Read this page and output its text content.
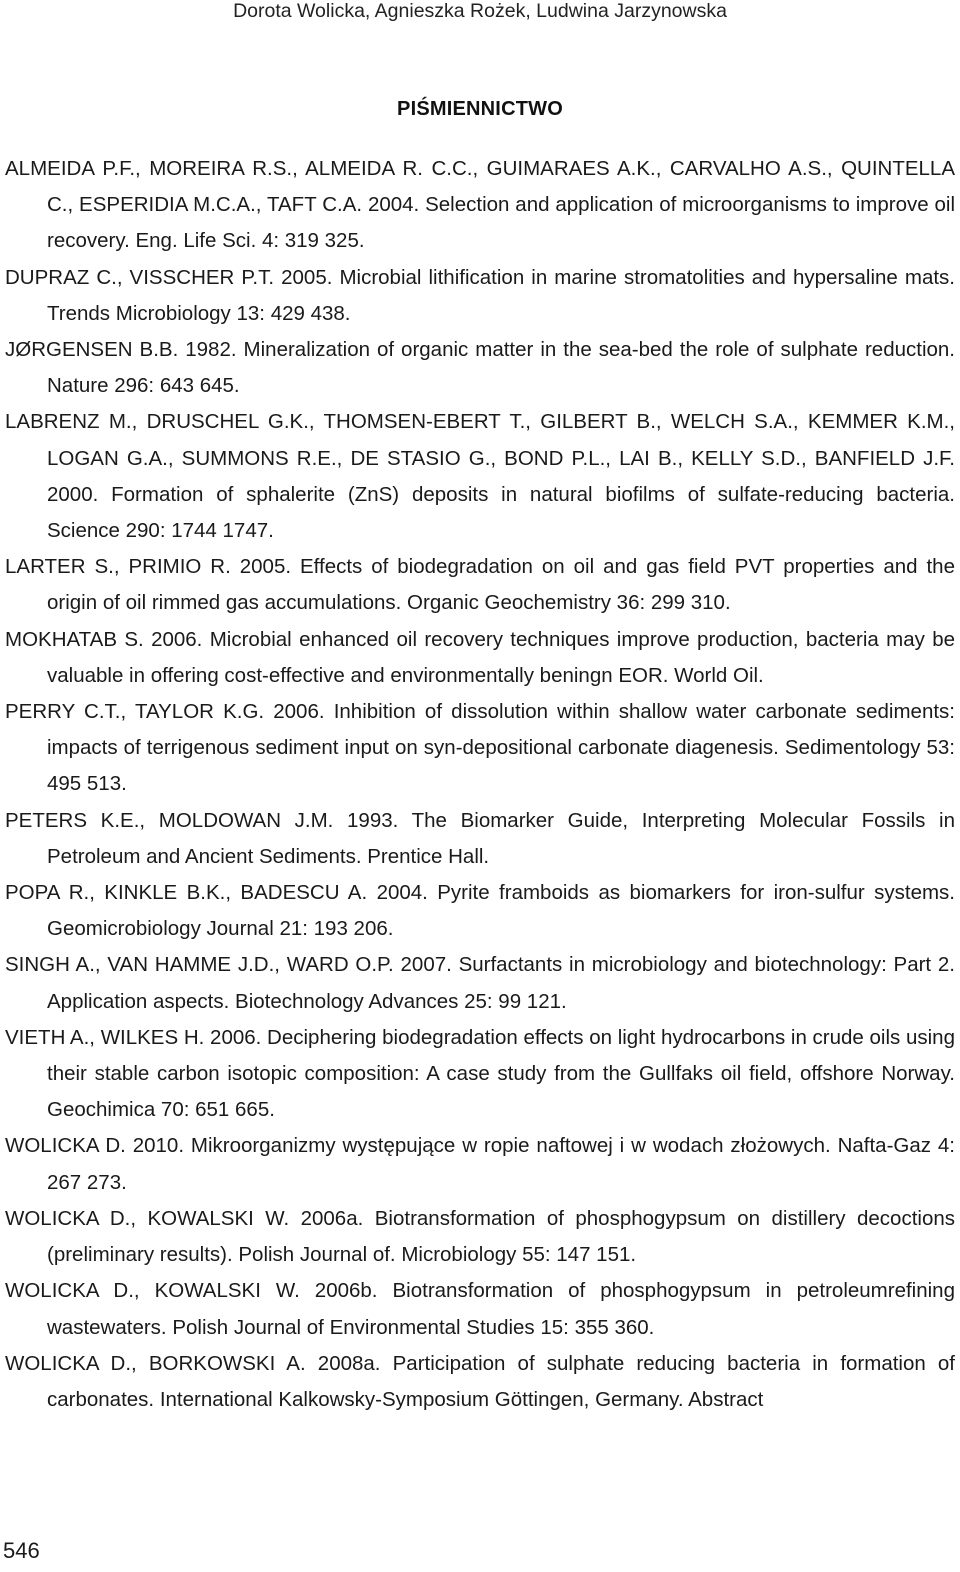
Dorota Wolicka, Agnieszka Rożek, Ludwina Jarzynowska
PIŚMIENNICTWO
ALMEIDA P.F., MOREIRA R.S., ALMEIDA R. C.C., GUIMARAES A.K., CARVALHO A.S., QUINTELLA C., ESPERIDIA M.C.A., TAFT C.A. 2004. Selection and application of microorganisms to improve oil recovery. Eng. Life Sci. 4: 319 325.
DUPRAZ C., VISSCHER P.T. 2005. Microbial lithification in marine stromatolities and hypersaline mats. Trends Microbiology 13: 429 438.
JØRGENSEN B.B. 1982. Mineralization of organic matter in the sea-bed the role of sulphate reduction. Nature 296: 643 645.
LABRENZ M., DRUSCHEL G.K., THOMSEN-EBERT T., GILBERT B., WELCH S.A., KEMMER K.M., LOGAN G.A., SUMMONS R.E., DE STASIO G., BOND P.L., LAI B., KELLY S.D., BANFIELD J.F. 2000. Formation of sphalerite (ZnS) deposits in natural biofilms of sulfate-reducing bacteria. Science 290: 1744 1747.
LARTER S., PRIMIO R. 2005. Effects of biodegradation on oil and gas field PVT properties and the origin of oil rimmed gas accumulations. Organic Geochemistry 36: 299 310.
MOKHATAB S. 2006. Microbial enhanced oil recovery techniques improve production, bacteria may be valuable in offering cost-effective and environmentally beningn EOR. World Oil.
PERRY C.T., TAYLOR K.G. 2006. Inhibition of dissolution within shallow water carbonate sediments: impacts of terrigenous sediment input on syn-depositional carbonate diagenesis. Sedimentology 53: 495 513.
PETERS K.E., MOLDOWAN J.M. 1993. The Biomarker Guide, Interpreting Molecular Fossils in Petroleum and Ancient Sediments. Prentice Hall.
POPA R., KINKLE B.K., BADESCU A. 2004. Pyrite framboids as biomarkers for iron-sulfur systems. Geomicrobiology Journal 21: 193 206.
SINGH A., VAN HAMME J.D., WARD O.P. 2007. Surfactants in microbiology and biotechnology: Part 2. Application aspects. Biotechnology Advances 25: 99 121.
VIETH A., WILKES H. 2006. Deciphering biodegradation effects on light hydrocarbons in crude oils using their stable carbon isotopic composition: A case study from the Gullfaks oil field, offshore Norway. Geochimica 70: 651 665.
WOLICKA D. 2010. Mikroorganizmy występujące w ropie naftowej i w wodach złożowych. Nafta-Gaz 4: 267 273.
WOLICKA D., KOWALSKI W. 2006a. Biotransformation of phosphogypsum on distillery decoctions (preliminary results). Polish Journal of. Microbiology 55: 147 151.
WOLICKA D., KOWALSKI W. 2006b. Biotransformation of phosphogypsum in petroleumrefining wastewaters. Polish Journal of Environmental Studies 15: 355 360.
WOLICKA D., BORKOWSKI A. 2008a. Participation of sulphate reducing bacteria in formation of carbonates. International Kalkowsky-Symposium Göttingen, Germany. Abstract
546
